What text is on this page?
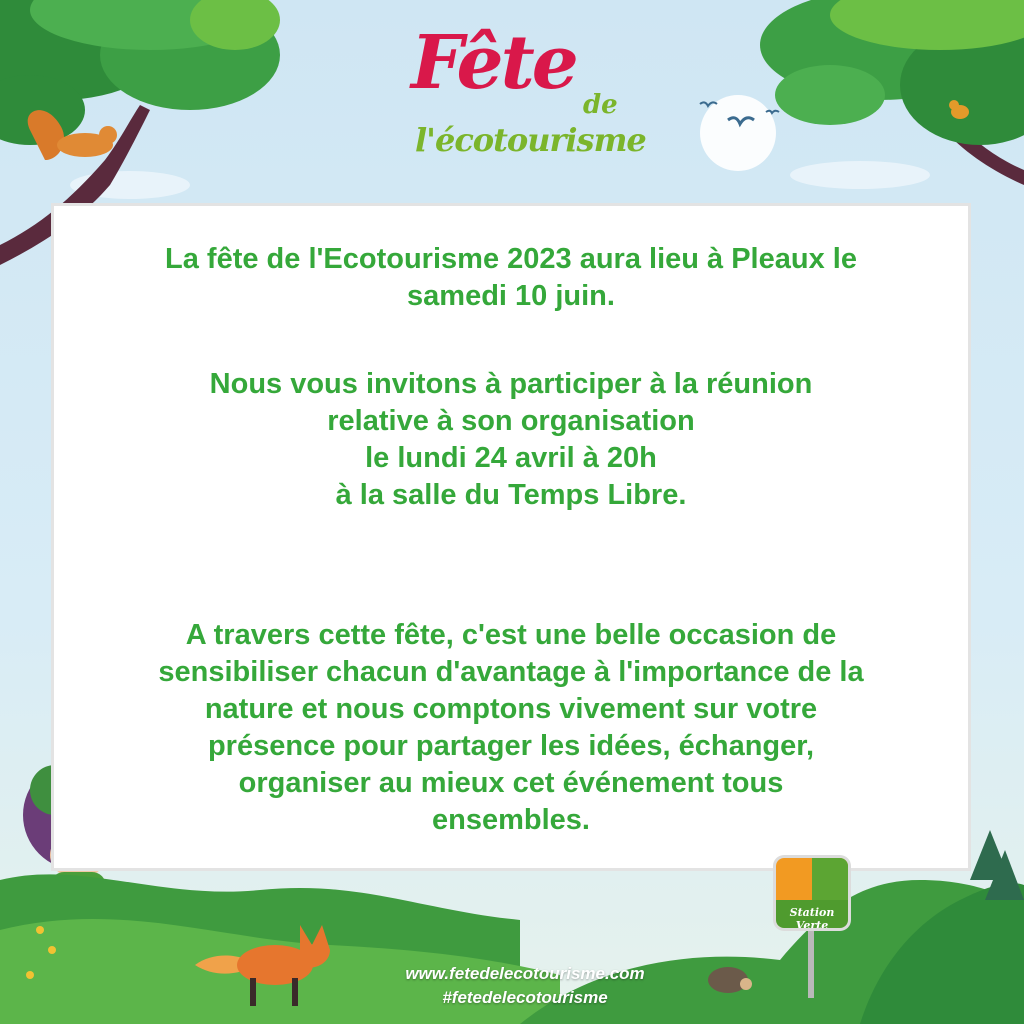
Fête de
l'écotourisme

La fête de l'Ecotourisme 2023 aura lieu à Pleaux le
samedi 10 juin.

Nous vous invitons à participer à la réunion
relative à son organisation
le lundi 24 avril à 20h
à la salle du Temps Libre.

A travers cette fête, c'est une belle occasion de
sensibiliser chacun d'avantage à l'importance de la
nature et nous comptons vivement sur votre
présence pour partager les idées, échanger,
organiser au mieux cet événement tous
ensembles.

Station Verte
www.fetedelecotourisme.com
#fetedelecotourisme
